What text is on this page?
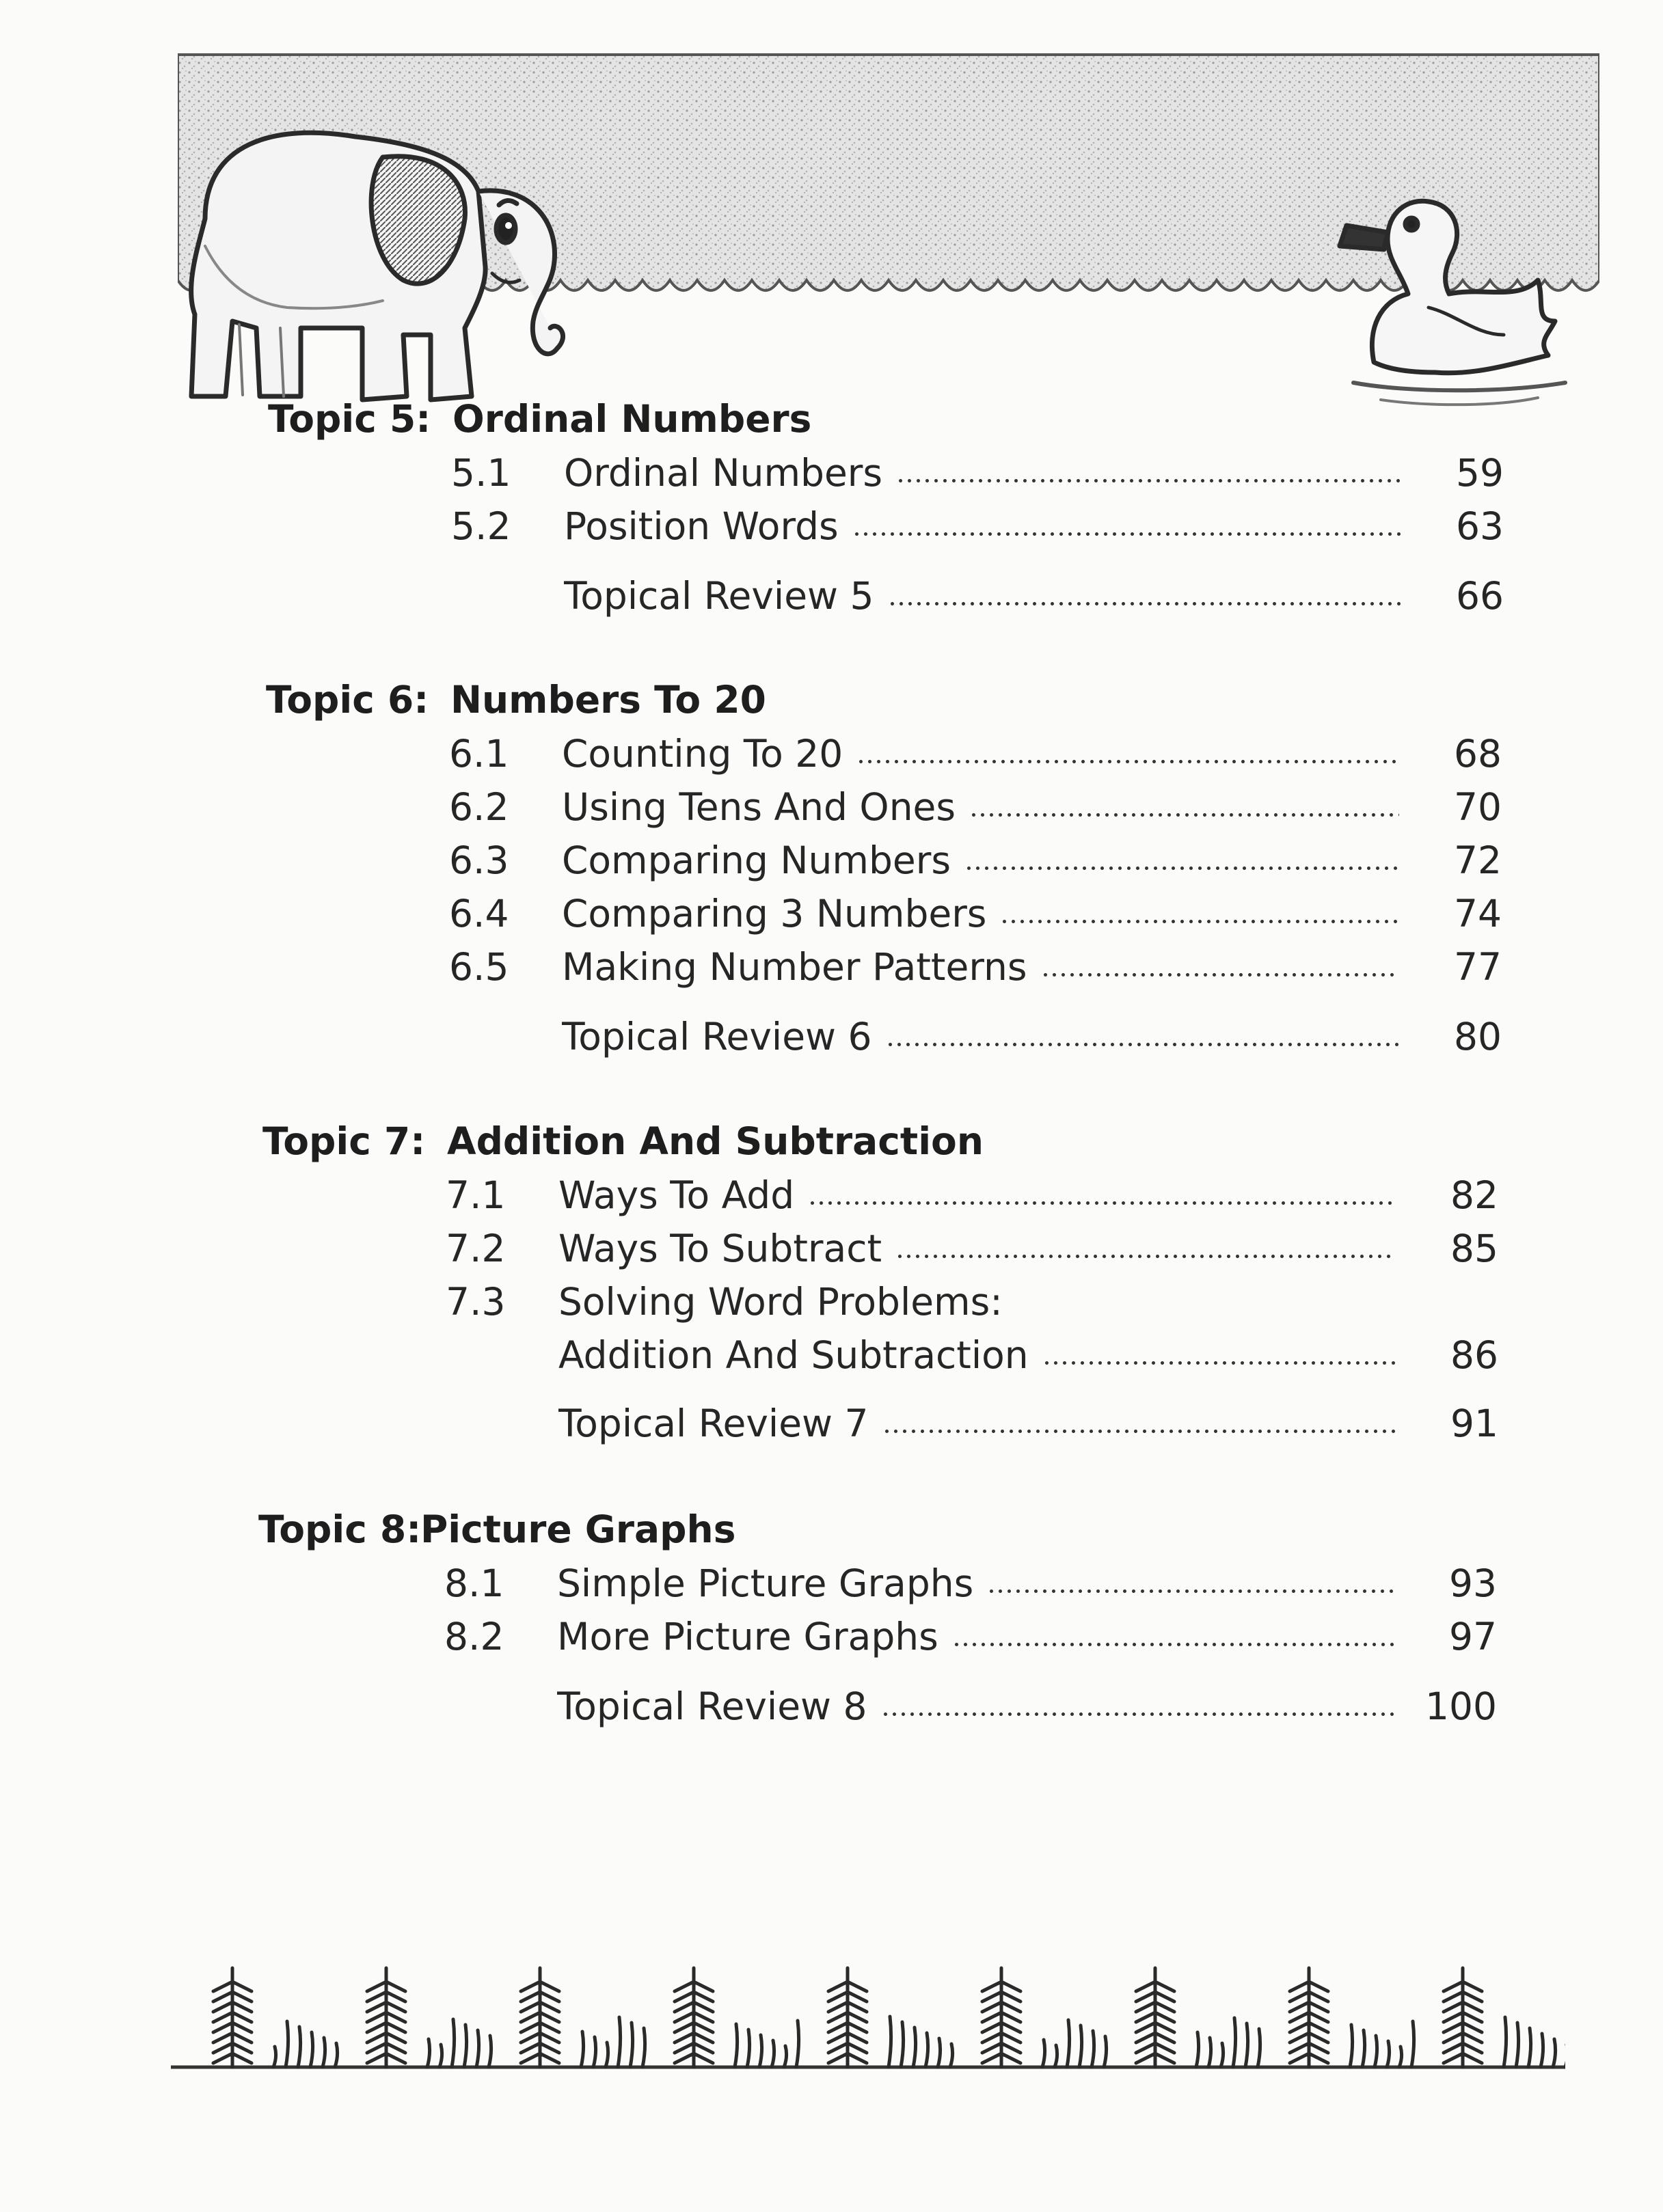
Topic 5: Ordinal Numbers
5.1 Ordinal Numbers	59
5.2 Position Words	63
Topical Review 5	66
Topic 6: Numbers To 20
6.1 Counting To 20	68
6.2 Using Tens And Ones	70
6.3 Comparing Numbers	72
6.4 Comparing 3 Numbers	74
6.5 Making Number Patterns	77
Topical Review 6	80
Topic 7: Addition And Subtraction
7.1 Ways To Add	82
7.2 Ways To Subtract	85
7.3 Solving Word Problems:
Addition And Subtraction	86
Topical Review 7	91
Topic 8:
Picture Graphs
8.1 Simple Picture Graphs	93
8.2 More Picture Graphs	97
Topical Review 8	100
